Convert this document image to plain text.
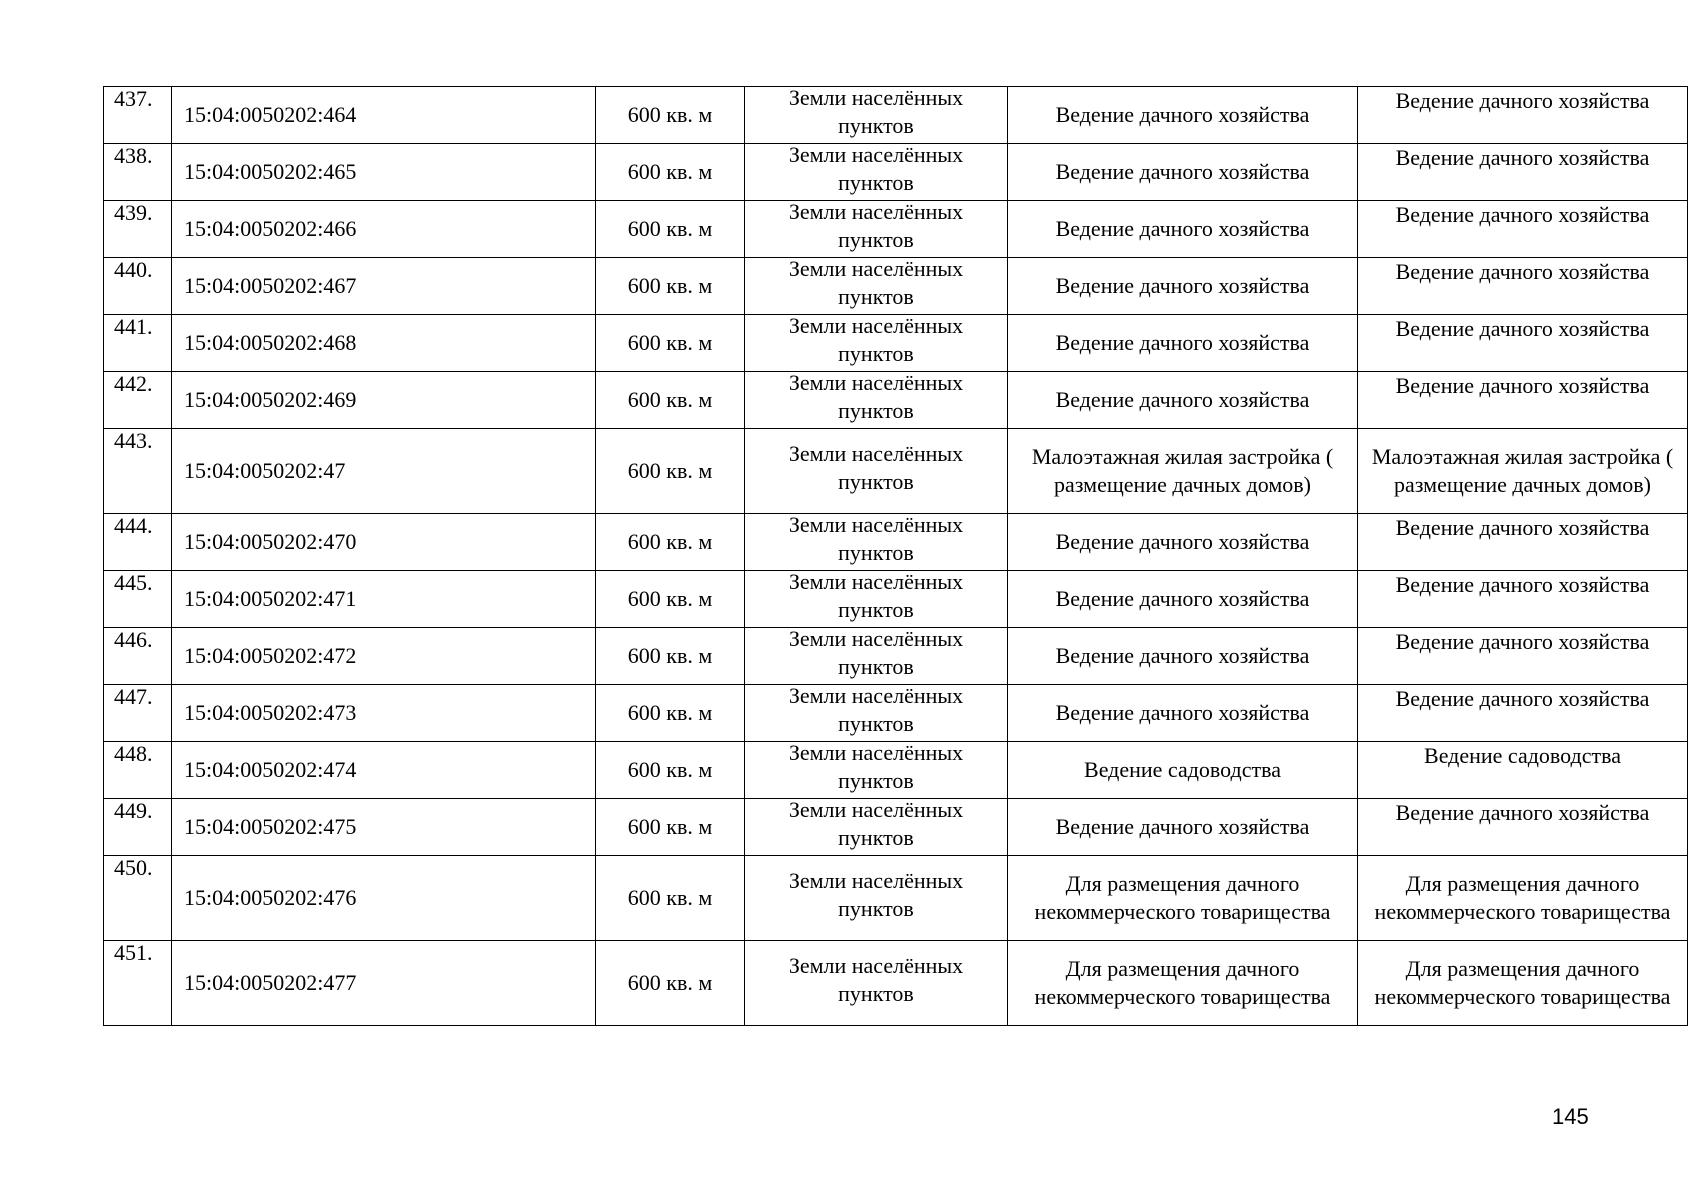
437.	15:04:0050202:464	600 кв. м	Земли населённых пунктов	Ведение дачного хозяйства	Ведение дачного хозяйства

438.	15:04:0050202:465	600 кв. м	Земли населённых пунктов	Ведение дачного хозяйства	Ведение дачного хозяйства

439.	15:04:0050202:466	600 кв. м	Земли населённых пунктов	Ведение дачного хозяйства	Ведение дачного хозяйства

440.	15:04:0050202:467	600 кв. м	Земли населённых пунктов	Ведение дачного хозяйства	Ведение дачного хозяйства

441.	15:04:0050202:468	600 кв. м	Земли населённых пунктов	Ведение дачного хозяйства	Ведение дачного хозяйства

442.	15:04:0050202:469	600 кв. м	Земли населённых пунктов	Ведение дачного хозяйства	Ведение дачного хозяйства

443.	15:04:0050202:47	600 кв. м	Земли населённых пунктов	Малоэтажная жилая застройка ( размещение дачных домов)	Малоэтажная жилая застройка ( размещение дачных домов)

444.	15:04:0050202:470	600 кв. м	Земли населённых пунктов	Ведение дачного хозяйства	Ведение дачного хозяйства

445.	15:04:0050202:471	600 кв. м	Земли населённых пунктов	Ведение дачного хозяйства	Ведение дачного хозяйства

446.	15:04:0050202:472	600 кв. м	Земли населённых пунктов	Ведение дачного хозяйства	Ведение дачного хозяйства

447.	15:04:0050202:473	600 кв. м	Земли населённых пунктов	Ведение дачного хозяйства	Ведение дачного хозяйства

448.	15:04:0050202:474	600 кв. м	Земли населённых пунктов	Ведение садоводства	Ведение садоводства

449.	15:04:0050202:475	600 кв. м	Земли населённых пунктов	Ведение дачного хозяйства	Ведение дачного хозяйства

450.	15:04:0050202:476	600 кв. м	Земли населённых пунктов	Для размещения дачного некоммерческого товарищества	Для размещения дачного некоммерческого товарищества

451.	15:04:0050202:477	600 кв. м	Земли населённых пунктов	Для размещения дачного некоммерческого товарищества	Для размещения дачного некоммерческого товарищества
145
